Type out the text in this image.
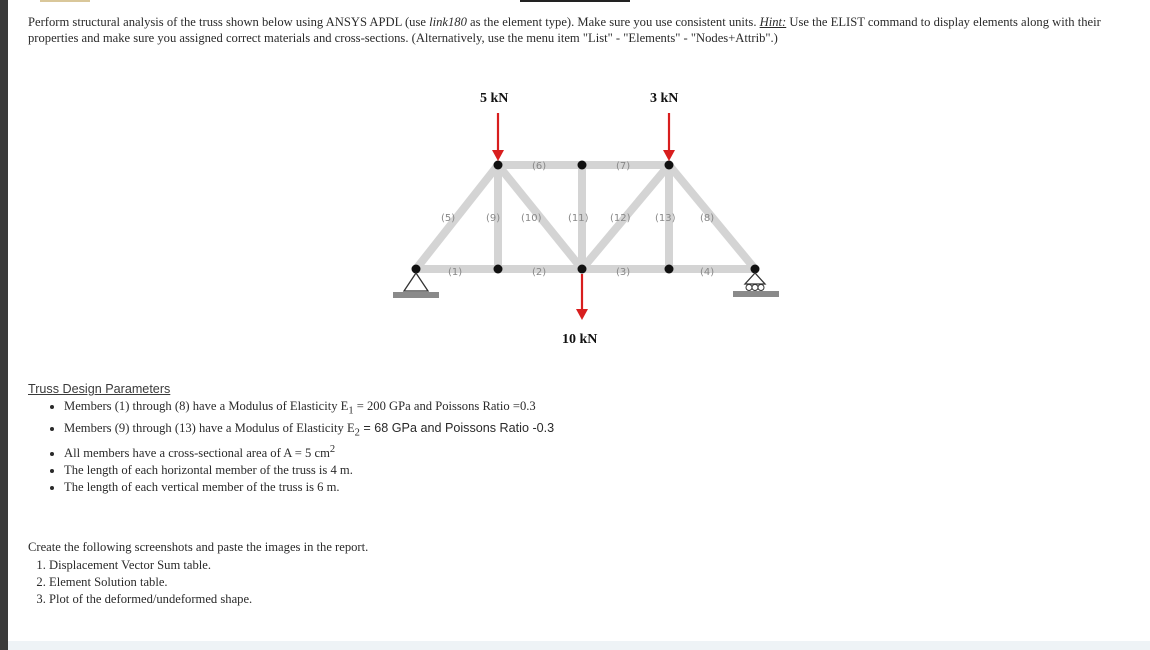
Perform structural analysis of the truss shown below using ANSYS APDL (use link180 as the element type). Make sure you use consistent units. Hint: Use the ELIST command to display elements along with their properties and make sure you assigned correct materials and cross-sections. (Alternatively, use the menu item "List" - "Elements" - "Nodes+Attrib".)
5 kN	3 kN
10 kN
(1)	(2)	(3)	(4)
(5)
(6)	(7)
(8)
(9) (10)	(11) (12) (13)
Truss Design Parameters
• Members (1) through (8) have a Modulus of Elasticity $E_1 = 200$ GPa and Poissons Ratio =0.3
• Members (9) through (13) have a Modulus of Elasticity $E_2 = 68$ GPa and Poissons Ratio -0.3
• All members have a cross-sectional area of A = 5 $cm^2$
• The length of each horizontal member of the truss is 4 m.
• The length of each vertical member of the truss is 6 m.
Create the following screenshots and paste the images in the report.
1. Displacement Vector Sum table.
2. Element Solution table.
3. Plot of the deformed/undeformed shape.
